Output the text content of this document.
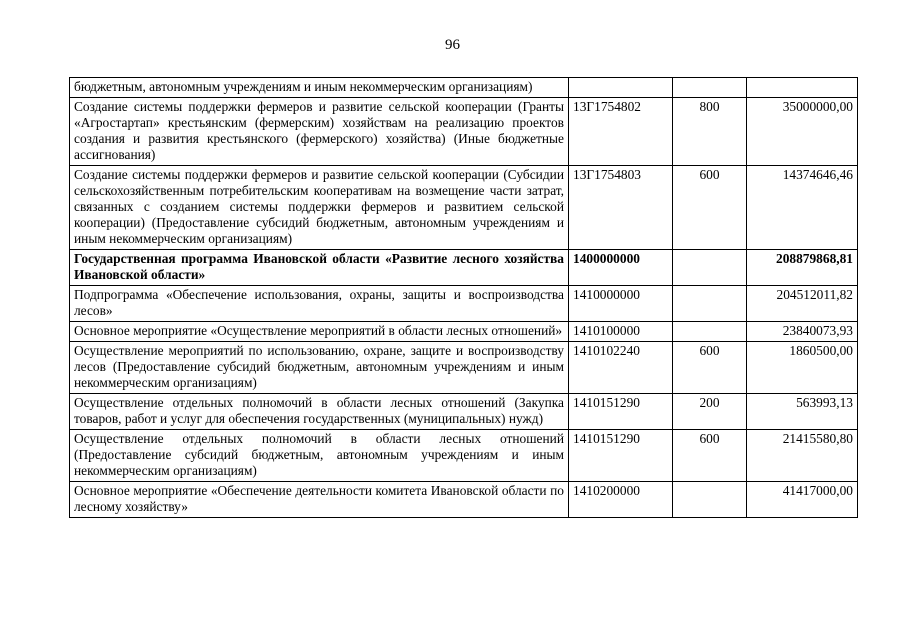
96
бюджетным, автономным учреждениям и иным некоммерческим организациям)			
Создание системы поддержки фермеров и развитие сельской кооперации (Гранты «Агростартап» крестьянским (фермерским) хозяйствам на реализацию проектов создания и развития крестьянского (фермерского) хозяйства) (Иные бюджетные ассигнования)	13Г1754802	800	35000000,00
Создание системы поддержки фермеров и развитие сельской кооперации (Субсидии сельскохозяйственным потребительским кооперативам на возмещение части затрат, связанных с созданием системы поддержки фермеров и развитием сельской кооперации) (Предоставление субсидий бюджетным, автономным учреждениям и иным некоммерческим организациям)	13Г1754803	600	14374646,46
Государственная программа Ивановской области «Развитие лесного хозяйства Ивановской области»	1400000000		208879868,81
Подпрограмма «Обеспечение использования, охраны, защиты и воспроизводства лесов»	1410000000		204512011,82
Основное мероприятие «Осуществление мероприятий в области лесных отношений»	1410100000		23840073,93
Осуществление мероприятий по использованию, охране, защите и воспроизводству лесов (Предоставление субсидий бюджетным, автономным учреждениям и иным некоммерческим организациям)	1410102240	600	1860500,00
Осуществление отдельных полномочий в области лесных отношений (Закупка товаров, работ и услуг для обеспечения государственных (муниципальных) нужд)	1410151290	200	563993,13
Осуществление отдельных полномочий в области лесных отношений (Предоставление субсидий бюджетным, автономным учреждениям и иным некоммерческим организациям)	1410151290	600	21415580,80
Основное мероприятие «Обеспечение деятельности комитета Ивановской области по лесному хозяйству»	1410200000		41417000,00
